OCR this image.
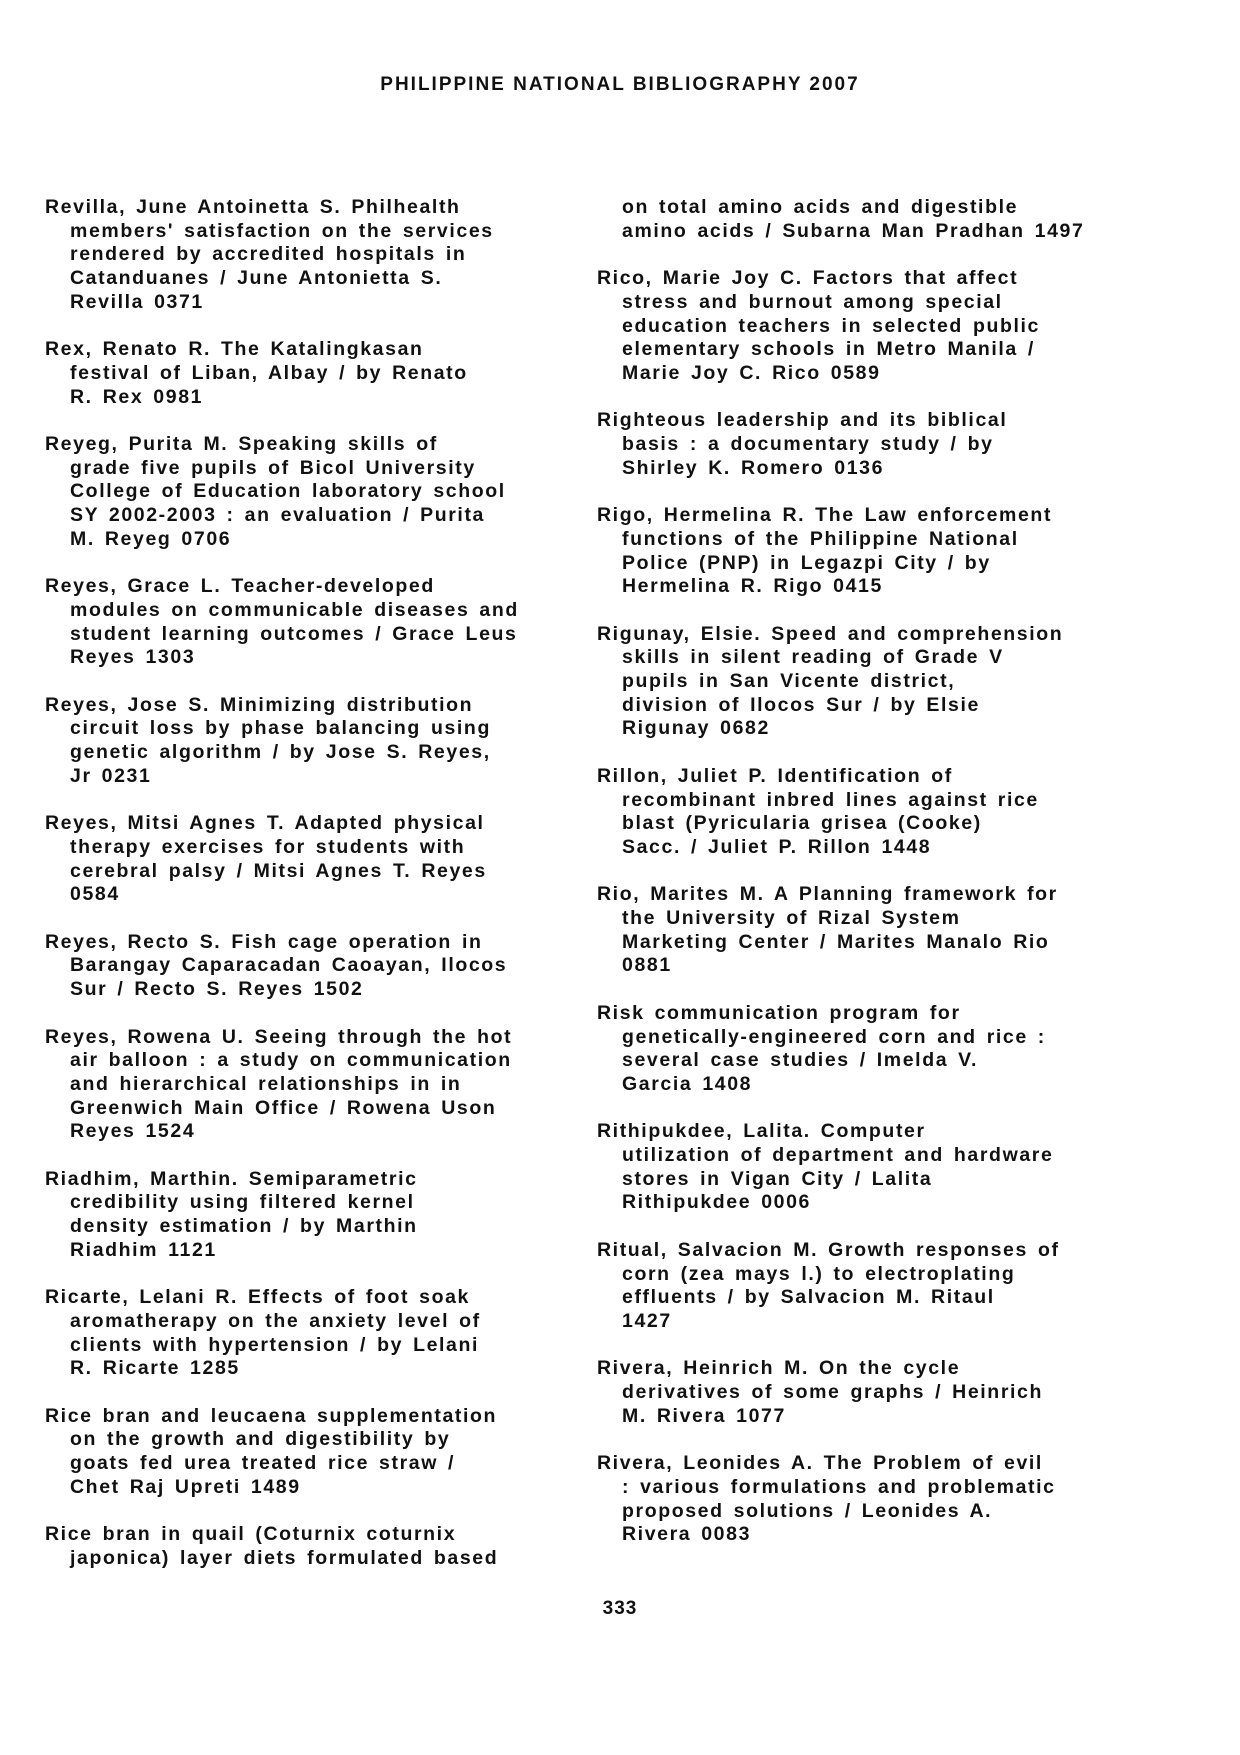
PHILIPPINE NATIONAL BIBLIOGRAPHY 2007

Revilla, June Antoinetta S. Philhealth
members' satisfaction on the services
rendered by accredited hospitals in
Catanduanes / June Antonietta S.
Revilla 0371

Rex, Renato R. The Katalingkasan
festival of Liban, Albay / by Renato
R. Rex 0981

Reyeg, Purita M. Speaking skills of
grade five pupils of Bicol University
College of Education laboratory school
SY 2002-2003 : an evaluation / Purita
M. Reyeg 0706

Reyes, Grace L. Teacher-developed
modules on communicable diseases and
student learning outcomes / Grace Leus
Reyes 1303

Reyes, Jose S. Minimizing distribution
circuit loss by phase balancing using
genetic algorithm / by Jose S. Reyes,
Jr 0231

Reyes, Mitsi Agnes T. Adapted physical
therapy exercises for students with
cerebral palsy / Mitsi Agnes T. Reyes
0584

Reyes, Recto S. Fish cage operation in
Barangay Caparacadan Caoayan, Ilocos
Sur / Recto S. Reyes 1502

Reyes, Rowena U. Seeing through the hot
air balloon : a study on communication
and hierarchical relationships in in
Greenwich Main Office / Rowena Uson
Reyes 1524

Riadhim, Marthin. Semiparametric
credibility using filtered kernel
density estimation / by Marthin
Riadhim 1121

Ricarte, Lelani R. Effects of foot soak
aromatherapy on the anxiety level of
clients with hypertension / by Lelani
R. Ricarte 1285

Rice bran and leucaena supplementation
on the growth and digestibility by
goats fed urea treated rice straw /
Chet Raj Upreti 1489

Rice bran in quail (Coturnix coturnix
japonica) layer diets formulated based

on total amino acids and digestible
amino acids / Subarna Man Pradhan 1497

Rico, Marie Joy C. Factors that affect
stress and burnout among special
education teachers in selected public
elementary schools in Metro Manila /
Marie Joy C. Rico 0589

Righteous leadership and its biblical
basis : a documentary study / by
Shirley K. Romero 0136

Rigo, Hermelina R. The Law enforcement
functions of the Philippine National
Police (PNP) in Legazpi City / by
Hermelina R. Rigo 0415

Rigunay, Elsie. Speed and comprehension
skills in silent reading of Grade V
pupils in San Vicente district,
division of Ilocos Sur / by Elsie
Rigunay 0682

Rillon, Juliet P. Identification of
recombinant inbred lines against rice
blast (Pyricularia grisea (Cooke)
Sacc. / Juliet P. Rillon 1448

Rio, Marites M. A Planning framework for
the University of Rizal System
Marketing Center / Marites Manalo Rio
0881

Risk communication program for
genetically-engineered corn and rice :
several case studies / Imelda V.
Garcia 1408

Rithipukdee, Lalita. Computer
utilization of department and hardware
stores in Vigan City / Lalita
Rithipukdee 0006

Ritual, Salvacion M. Growth responses of
corn (zea mays l.) to electroplating
effluents / by Salvacion M. Ritaul
1427

Rivera, Heinrich M. On the cycle
derivatives of some graphs / Heinrich
M. Rivera 1077

Rivera, Leonides A. The Problem of evil
: various formulations and problematic
proposed solutions / Leonides A.
Rivera 0083

333
